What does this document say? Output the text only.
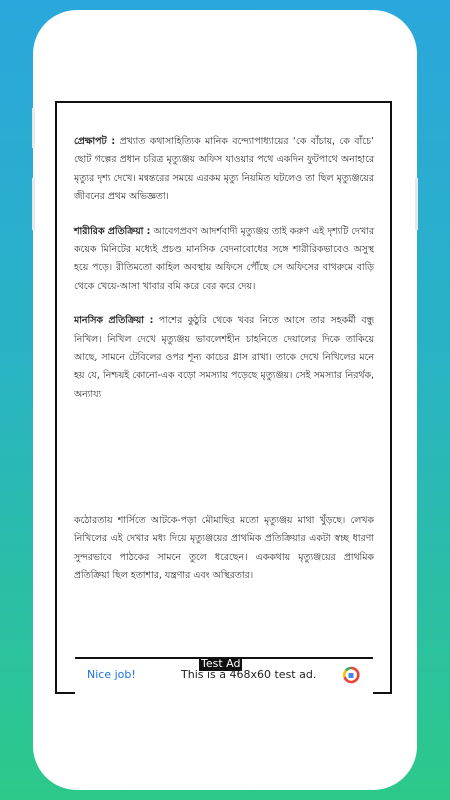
প্রেক্ষাপট : প্রখ্যাত কথাসাহিত্যিক মানিক বন্দ্যোপাধ্যায়ের ‘কে বাঁচায়, কে বাঁচে’ ছোট গল্পের প্রধান চরিত্র মৃত্যুঞ্জয় অফিস যাওয়ার পথে একদিন ফুটপাথে অনাহারে মৃত্যুর দৃশ্য দেখে। মন্বন্তরের সময়ে এরকম মৃত্যু নিয়মিত ঘটলেও তা ছিল মৃত্যুঞ্জয়ের জীবনের প্রথম অভিজ্ঞতা।

শারীরিক প্রতিক্রিয়া : আবেগপ্রবণ আদর্শবাদী মৃত্যুঞ্জয় তাই করুণ এই দৃশ্যটি দেখার কয়েক মিনিটের মধ্যেই প্রচণ্ড মানসিক বেদনাবোধের সঙ্গে শারীরিকভাবেও অসুস্থ হয়ে পড়ে। রীতিমতো কাহিল অবস্থায় অফিসে পৌঁছে সে অফিসের বাথরুমে বাড়ি থেকে খেয়ে-আসা খাবার বমি করে বের করে দেয়।

মানসিক প্রতিক্রিয়া : পাশের কুঠুরি থেকে খবর নিতে আসে তার সহকর্মী বন্ধু নিখিল। নিখিল দেখে মৃত্যুঞ্জয় ভাবলেশহীন চাহনিতে দেয়ালের দিকে তাকিয়ে আছে, সামনে টেবিলের ওপর শূন্য কাচের গ্লাস রাখা। তাকে দেখে নিখিলের মনে হয় যে, নিশ্চয়ই কোনো-এক বড়ো সমস্যায় পড়েছে মৃত্যুঞ্জয়। সেই সমস্যার নিরর্থক, অন্যায্য

কঠোরতায় শার্সিতে আটকে-পড়া মৌমাছির মতো মৃত্যুঞ্জয় মাথা খুঁড়ছে। লেখক নিখিলের এই দেখার মধ্য দিয়ে মৃত্যুঞ্জয়ের প্রাথমিক প্রতিক্রিয়ার একটা স্বচ্ছ ধারণা সুন্দরভাবে পাঠকের সামনে তুলে ধরেছেন। এককথায় মৃত্যুঞ্জয়ের প্রাথমিক প্রতিক্রিয়া ছিল হতাশার, যন্ত্রণার এবং অস্থিরতার।
Test Ad
Nice job!	This is a 468x60 test ad.
